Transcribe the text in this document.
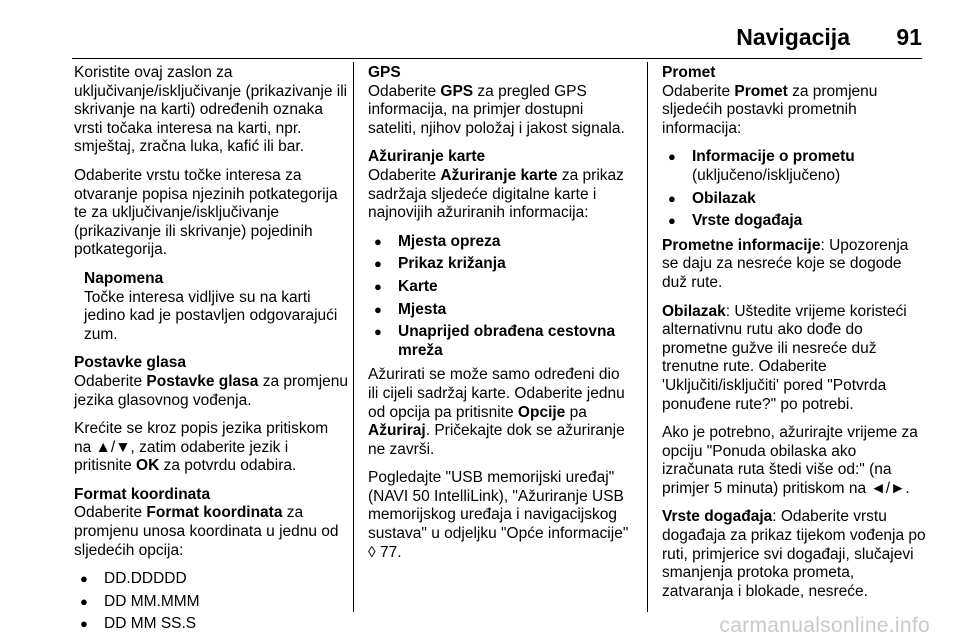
Navigacija 91

Koristite ovaj zaslon za uključivanje/isključivanje (prikazivanje ili skrivanje na karti) određenih oznaka vrsti točaka interesa na karti, npr. smještaj, zračna luka, kafić ili bar.

Odaberite vrstu točke interesa za otvaranje popisa njezinih potkategorija te za uključivanje/isključivanje (prikazivanje ili skrivanje) pojedinih potkategorija.

Napomena
Točke interesa vidljive su na karti jedino kad je postavljen odgovarajući zum.
Postavke glasa
Odaberite Postavke glasa za promjenu jezika glasovnog vođenja.

Krećite se kroz popis jezika pritiskom na ▲/▼, zatim odaberite jezik i pritisnite OK za potvrdu odabira.

Format koordinata
Odaberite Format koordinata za promjenu unosa koordinata u jednu od sljedećih opcija:
● DD.DDDDD
● DD MM.MMM
● DD MM SS.S
GPS
Odaberite GPS za pregled GPS informacija, na primjer dostupni sateliti, njihov položaj i jakost signala.
Ažuriranje karte
Odaberite Ažuriranje karte za prikaz sadržaja sljedeće digitalne karte i najnovijih ažuriranih informacija:
● Mjesta opreza
● Prikaz križanja
● Karte
● Mjesta
● Unaprijed obrađena cestovna mreža

Ažurirati se može samo određeni dio ili cijeli sadržaj karte. Odaberite jednu od opcija pa pritisnite Opcije pa Ažuriraj. Pričekajte dok se ažuriranje ne završi.

Pogledajte "USB memorijski uređaj" (NAVI 50 IntelliLink), "Ažuriranje USB memorijskog uređaja i navigacijskog sustava" u odjeljku "Opće informacije" ◊ 77.

Promet
Odaberite Promet za promjenu sljedećih postavki prometnih informacija:
● Informacije o prometu
(uključeno/isključeno)
● Obilazak
● Vrste događaja

Prometne informacije: Upozorenja se daju za nesreće koje se dogode duž rute.

Obilazak: Uštedite vrijeme koristeći alternativnu rutu ako dođe do prometne gužve ili nesreće duž trenutne rute. Odaberite 'Uključiti/isključiti' pored "Potvrda ponuđene rute?" po potrebi.

Ako je potrebno, ažurirajte vrijeme za opciju "Ponuda obilaska ako izračunata ruta štedi više od:" (na primjer 5 minuta) pritiskom na ◄/►.

Vrste događaja: Odaberite vrstu događaja za prikaz tijekom vođenja po ruti, primjerice svi događaji, slučajevi smanjenja protoka prometa, zatvaranja i blokade, nesreće.

carmanualsonline.info
